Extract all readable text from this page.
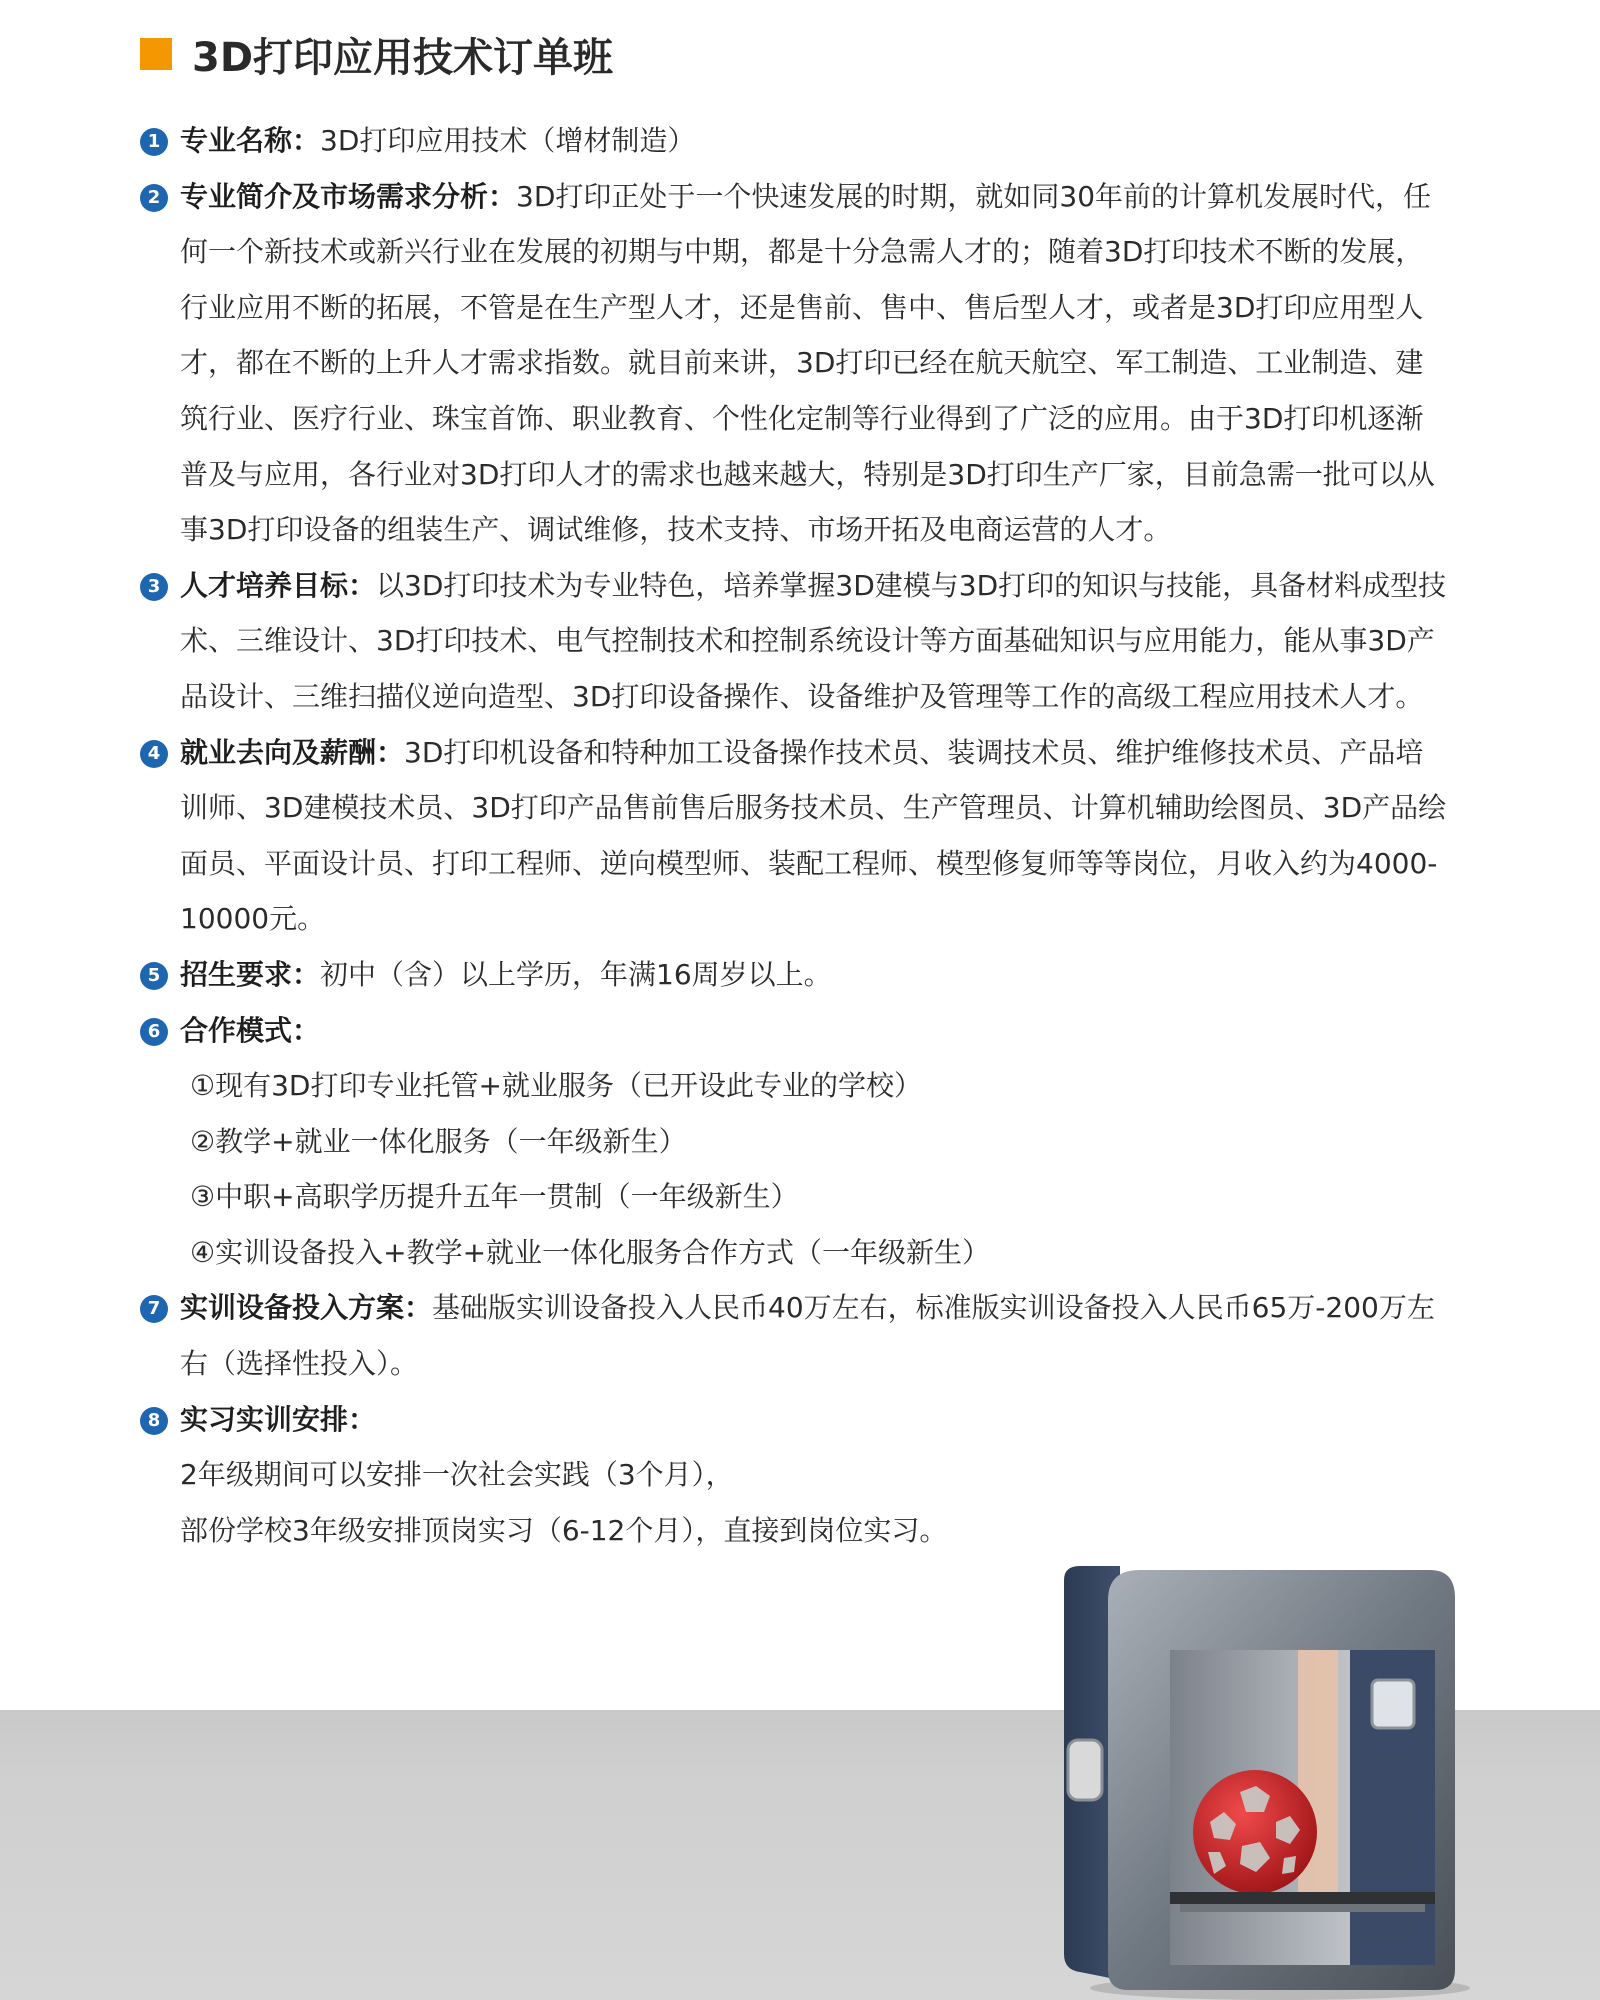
3D打印应用技术订单班
1 专业名称：3D打印应用技术（增材制造）
2 专业简介及市场需求分析：3D打印正处于一个快速发展的时期，就如同30年前的计算机发展时代，任何一个新技术或新兴行业在发展的初期与中期，都是十分急需人才的；随着3D打印技术不断的发展，行业应用不断的拓展，不管是在生产型人才，还是售前、售中、售后型人才，或者是3D打印应用型人才，都在不断的上升人才需求指数。就目前来讲，3D打印已经在航天航空、军工制造、工业制造、建筑行业、医疗行业、珠宝首饰、职业教育、个性化定制等行业得到了广泛的应用。由于3D打印机逐渐普及与应用，各行业对3D打印人才的需求也越来越大，特别是3D打印生产厂家，目前急需一批可以从事3D打印设备的组装生产、调试维修，技术支持、市场开拓及电商运营的人才。
3 人才培养目标：以3D打印技术为专业特色，培养掌握3D建模与3D打印的知识与技能，具备材料成型技术、三维设计、3D打印技术、电气控制技术和控制系统设计等方面基础知识与应用能力，能从事3D产品设计、三维扫描仪逆向造型、3D打印设备操作、设备维护及管理等工作的高级工程应用技术人才。
4 就业去向及薪酬：3D打印机设备和特种加工设备操作技术员、装调技术员、维护维修技术员、产品培训师、3D建模技术员、3D打印产品售前售后服务技术员、生产管理员、计算机辅助绘图员、3D产品绘面员、平面设计员、打印工程师、逆向模型师、装配工程师、模型修复师等等岗位，月收入约为4000-10000元。
5 招生要求：初中（含）以上学历，年满16周岁以上。
6 合作模式：
①现有3D打印专业托管+就业服务（已开设此专业的学校）
②教学+就业一体化服务（一年级新生）
③中职+高职学历提升五年一贯制（一年级新生）
④实训设备投入+教学+就业一体化服务合作方式（一年级新生）
7 实训设备投入方案：基础版实训设备投入人民币40万左右，标准版实训设备投入人民币65万-200万左右（选择性投入）。
8 实习实训安排：
2年级期间可以安排一次社会实践（3个月），
部份学校3年级安排顶岗实习（6-12个月），直接到岗位实习。
